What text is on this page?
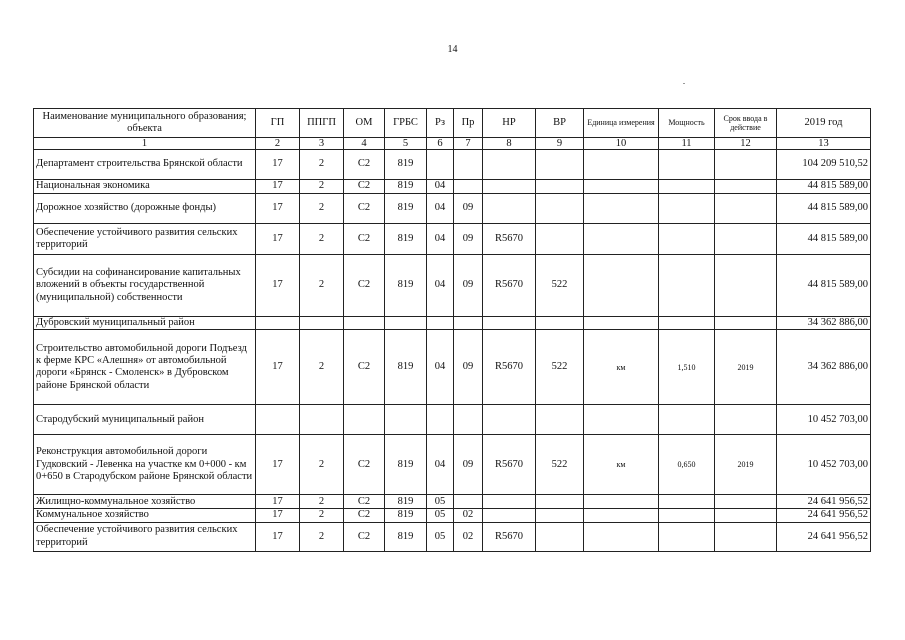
14
Наименование муниципального образования; объекта	ГП	ППГП	ОМ	ГРБС	Рз	Пр	НР	ВР	Единица измерения	Мощность	Срок ввода в действие	2019 год
1	2	3	4	5	6	7	8	9	10	11	12	13
Департамент строительства Брянской области	17	2	С2	819								104 209 510,52
Национальная экономика	17	2	С2	819	04							44 815 589,00
Дорожное хозяйство (дорожные фонды)	17	2	С2	819	04	09						44 815 589,00
Обеспечение устойчивого развития сельских территорий	17	2	С2	819	04	09	R5670					44 815 589,00
Субсидии на софинансирование капитальных вложений в объекты государственной (муниципальной) собственности	17	2	С2	819	04	09	R5670	522				44 815 589,00
Дубровский муниципальный район												34 362 886,00
Строительство автомобильной дороги Подъезд к ферме КРС «Алешня» от автомобильной дороги «Брянск - Смоленск» в Дубровском районе Брянской области	17	2	С2	819	04	09	R5670	522	км	1,510	2019	34 362 886,00
Стародубский муниципальный район												10 452 703,00
Реконструкция автомобильной дороги Гудковский - Левенка на участке км 0+000 - км 0+650 в Стародубском районе Брянской области	17	2	С2	819	04	09	R5670	522	км	0,650	2019	10 452 703,00
Жилищно-коммунальное хозяйство	17	2	С2	819	05							24 641 956,52
Коммунальное хозяйство	17	2	С2	819	05	02						24 641 956,52
Обеспечение устойчивого развития сельских территорий	17	2	С2	819	05	02	R5670					24 641 956,52
